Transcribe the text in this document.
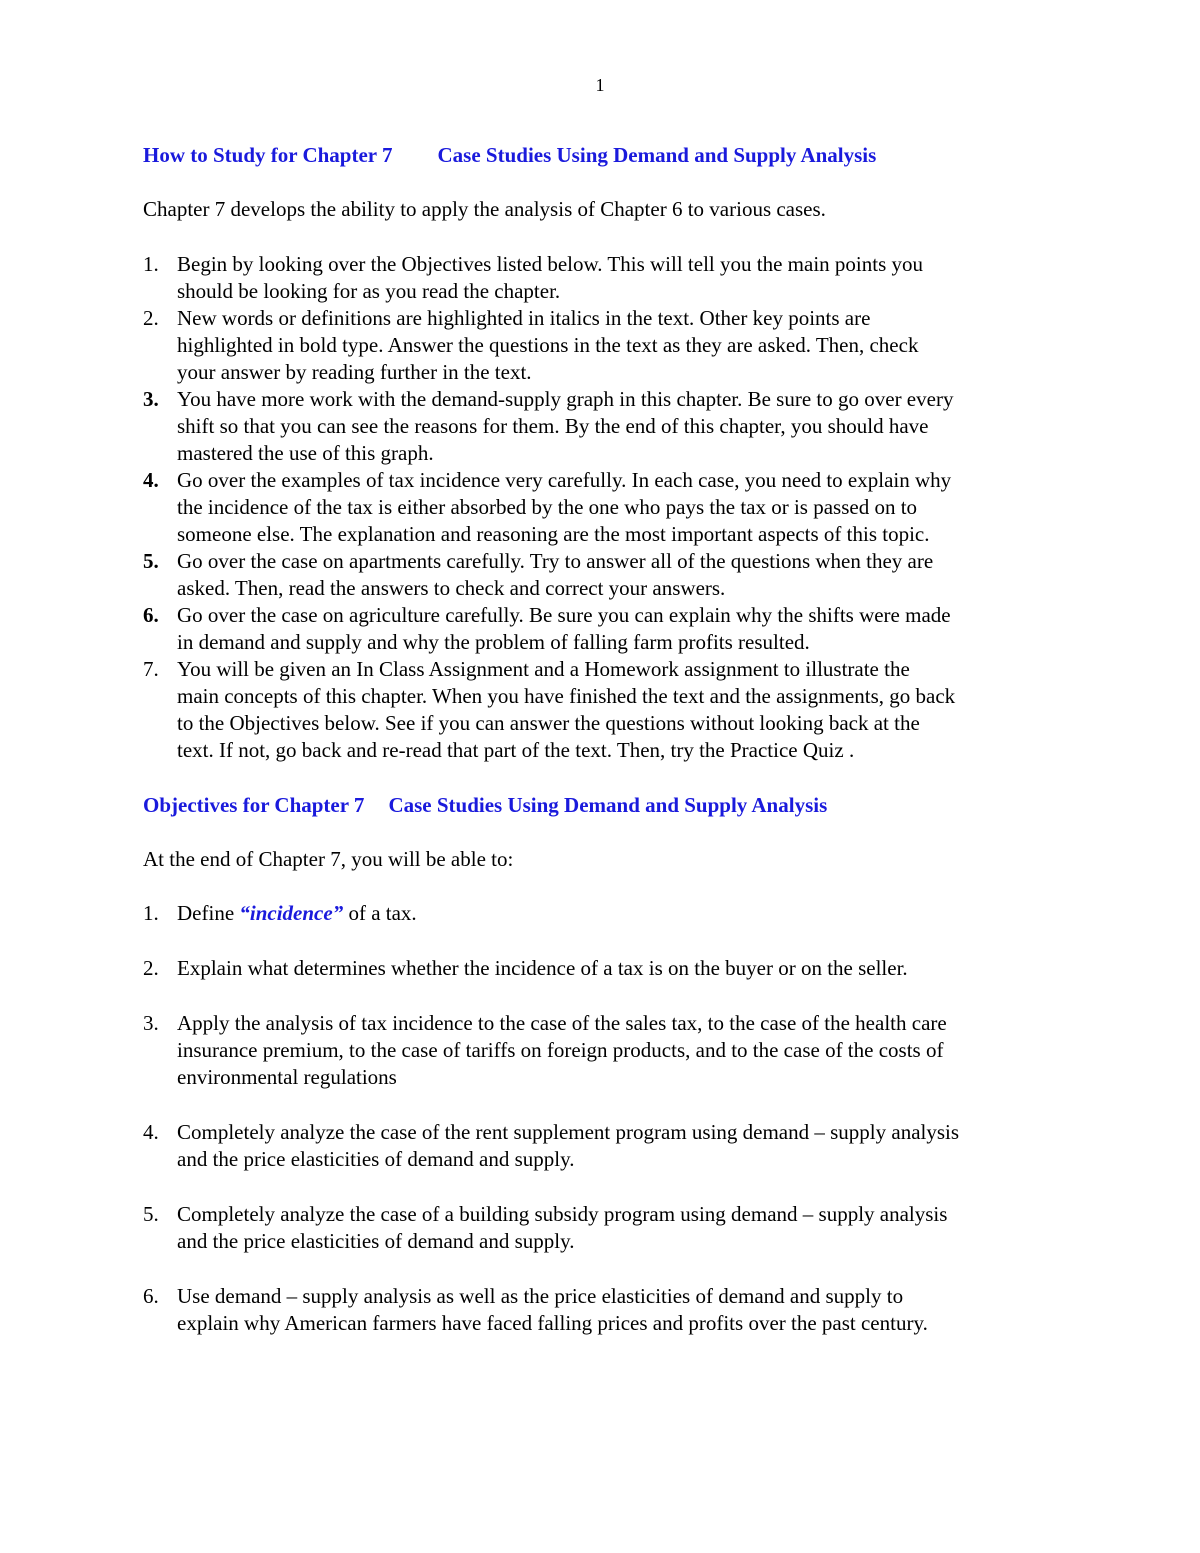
1
How to Study for Chapter 7 Case Studies Using Demand and Supply Analysis
Chapter 7 develops the ability to apply the analysis of Chapter 6 to various cases.
1. Begin by looking over the Objectives listed below. This will tell you the main points you
should be looking for as you read the chapter.
2. New words or definitions are highlighted in italics in the text. Other key points are
highlighted in bold type. Answer the questions in the text as they are asked. Then, check
your answer by reading further in the text.
3. You have more work with the demand-supply graph in this chapter. Be sure to go over every
shift so that you can see the reasons for them. By the end of this chapter, you should have
mastered the use of this graph.
4. Go over the examples of tax incidence very carefully. In each case, you need to explain why
the incidence of the tax is either absorbed by the one who pays the tax or is passed on to
someone else. The explanation and reasoning are the most important aspects of this topic.
5. Go over the case on apartments carefully. Try to answer all of the questions when they are
asked. Then, read the answers to check and correct your answers.
6. Go over the case on agriculture carefully. Be sure you can explain why the shifts were made
in demand and supply and why the problem of falling farm profits resulted.
7. You will be given an In Class Assignment and a Homework assignment to illustrate the
main concepts of this chapter. When you have finished the text and the assignments, go back
to the Objectives below. See if you can answer the questions without looking back at the
text. If not, go back and re-read that part of the text. Then, try the Practice Quiz .
Objectives for Chapter 7 Case Studies Using Demand and Supply Analysis
At the end of Chapter 7, you will be able to:
1. Define “incidence” of a tax.
2. Explain what determines whether the incidence of a tax is on the buyer or on the seller.
3. Apply the analysis of tax incidence to the case of the sales tax, to the case of the health care
insurance premium, to the case of tariffs on foreign products, and to the case of the costs of
environmental regulations
4. Completely analyze the case of the rent supplement program using demand – supply analysis
and the price elasticities of demand and supply.
5. Completely analyze the case of a building subsidy program using demand – supply analysis
and the price elasticities of demand and supply.
6. Use demand – supply analysis as well as the price elasticities of demand and supply to
explain why American farmers have faced falling prices and profits over the past century.
